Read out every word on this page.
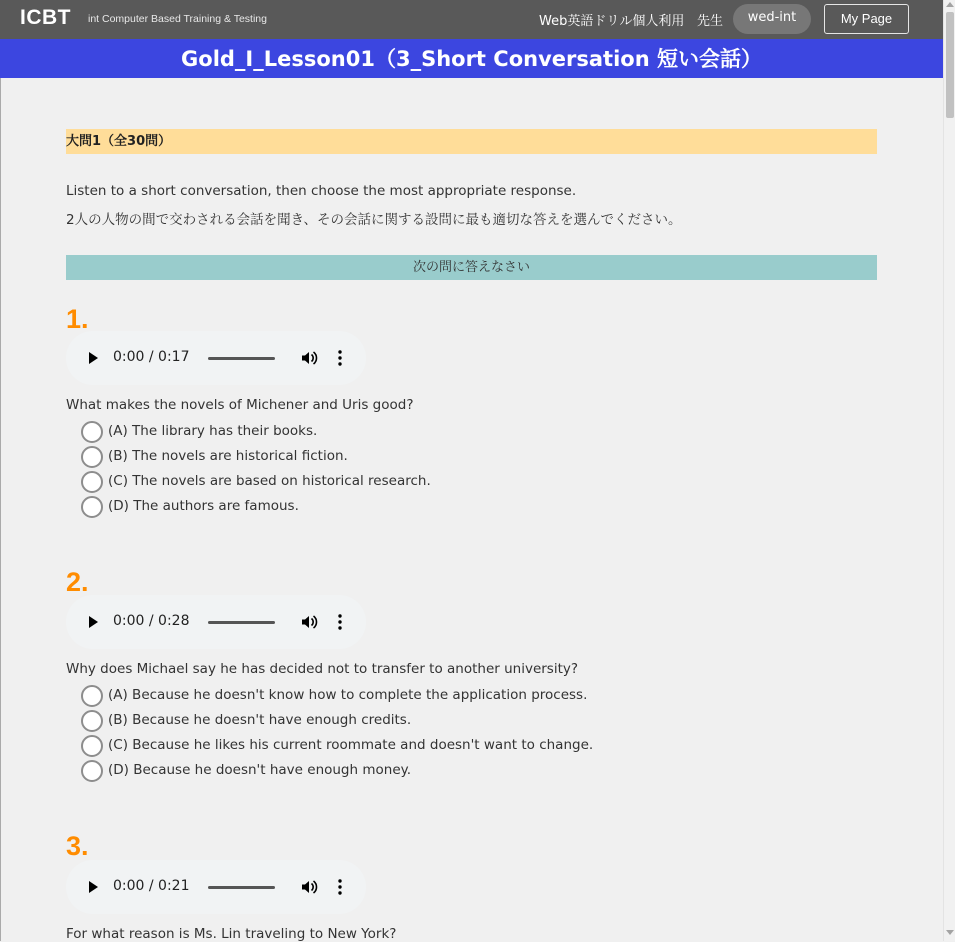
ICBT int Computer Based Training & Testing	Web英語ドリル個人利用 先生	wed-int	My Page
Gold_I_Lesson01（3_Short Conversation 短い会話）
大問1（全30問）
Listen to a short conversation, then choose the most appropriate response.
2人の人物の間で交わされる会話を聞き、その会話に関する設問に最も適切な答えを選んでください。
次の問に答えなさい
1.
0:00 / 0:17
What makes the novels of Michener and Uris good?
(A) The library has their books.
(B) The novels are historical fiction.
(C) The novels are based on historical research.
(D) The authors are famous.
2.
0:00 / 0:28
Why does Michael say he has decided not to transfer to another university?
(A) Because he doesn't know how to complete the application process.
(B) Because he doesn't have enough credits.
(C) Because he likes his current roommate and doesn't want to change.
(D) Because he doesn't have enough money.
3.
0:00 / 0:21
For what reason is Ms. Lin traveling to New York?
